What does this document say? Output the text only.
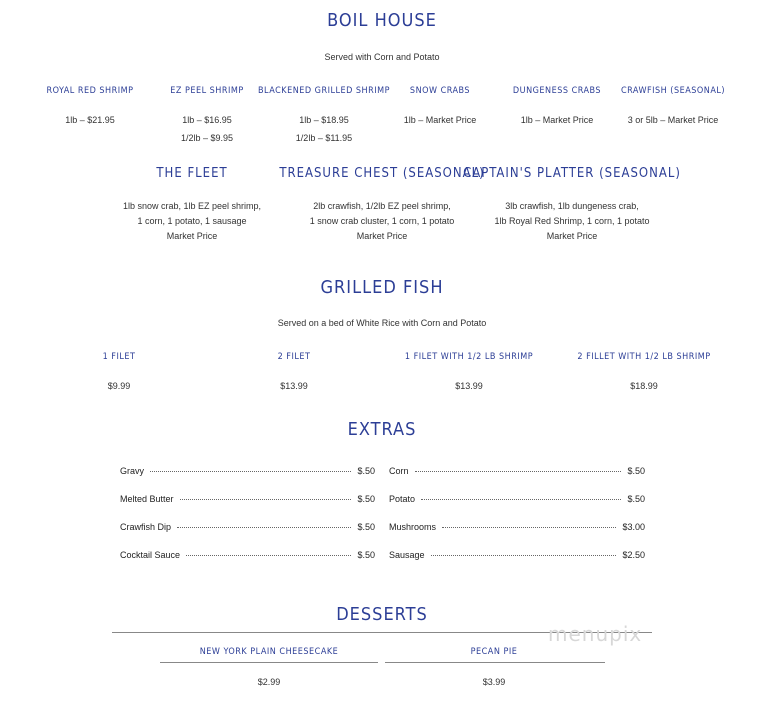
BOIL HOUSE
Served with Corn and Potato
ROYAL RED SHRIMP
1lb – $21.95
EZ PEEL SHRIMP
1lb – $16.95
1/2lb – $9.95
BLACKENED GRILLED SHRIMP
1lb – $18.95
1/2lb – $11.95
SNOW CRABS
1lb – Market Price
DUNGENESS CRABS
1lb – Market Price
CRAWFISH (SEASONAL)
3 or 5lb – Market Price
THE FLEET
1lb snow crab, 1lb EZ peel shrimp,
1 corn, 1 potato, 1 sausage
Market Price
TREASURE CHEST (SEASONAL)
2lb crawfish, 1/2lb EZ peel shrimp,
1 snow crab cluster, 1 corn, 1 potato
Market Price
CAPTAIN'S PLATTER (SEASONAL)
3lb crawfish, 1lb dungeness crab,
1lb Royal Red Shrimp, 1 corn, 1 potato
Market Price
GRILLED FISH
Served on a bed of White Rice with Corn and Potato
1 FILET
$9.99
2 FILET
$13.99
1 FILET WITH 1/2 LB SHRIMP
$13.99
2 FILLET WITH 1/2 LB SHRIMP
$18.99
EXTRAS
Gravy	$.50
Melted Butter	$.50
Crawfish Dip	$.50
Cocktail Sauce	$.50
Corn	$.50
Potato	$.50
Mushrooms	$3.00
Sausage	$2.50
DESSERTS
NEW YORK PLAIN CHEESECAKE
$2.99
PECAN PIE
$3.99
menupix
